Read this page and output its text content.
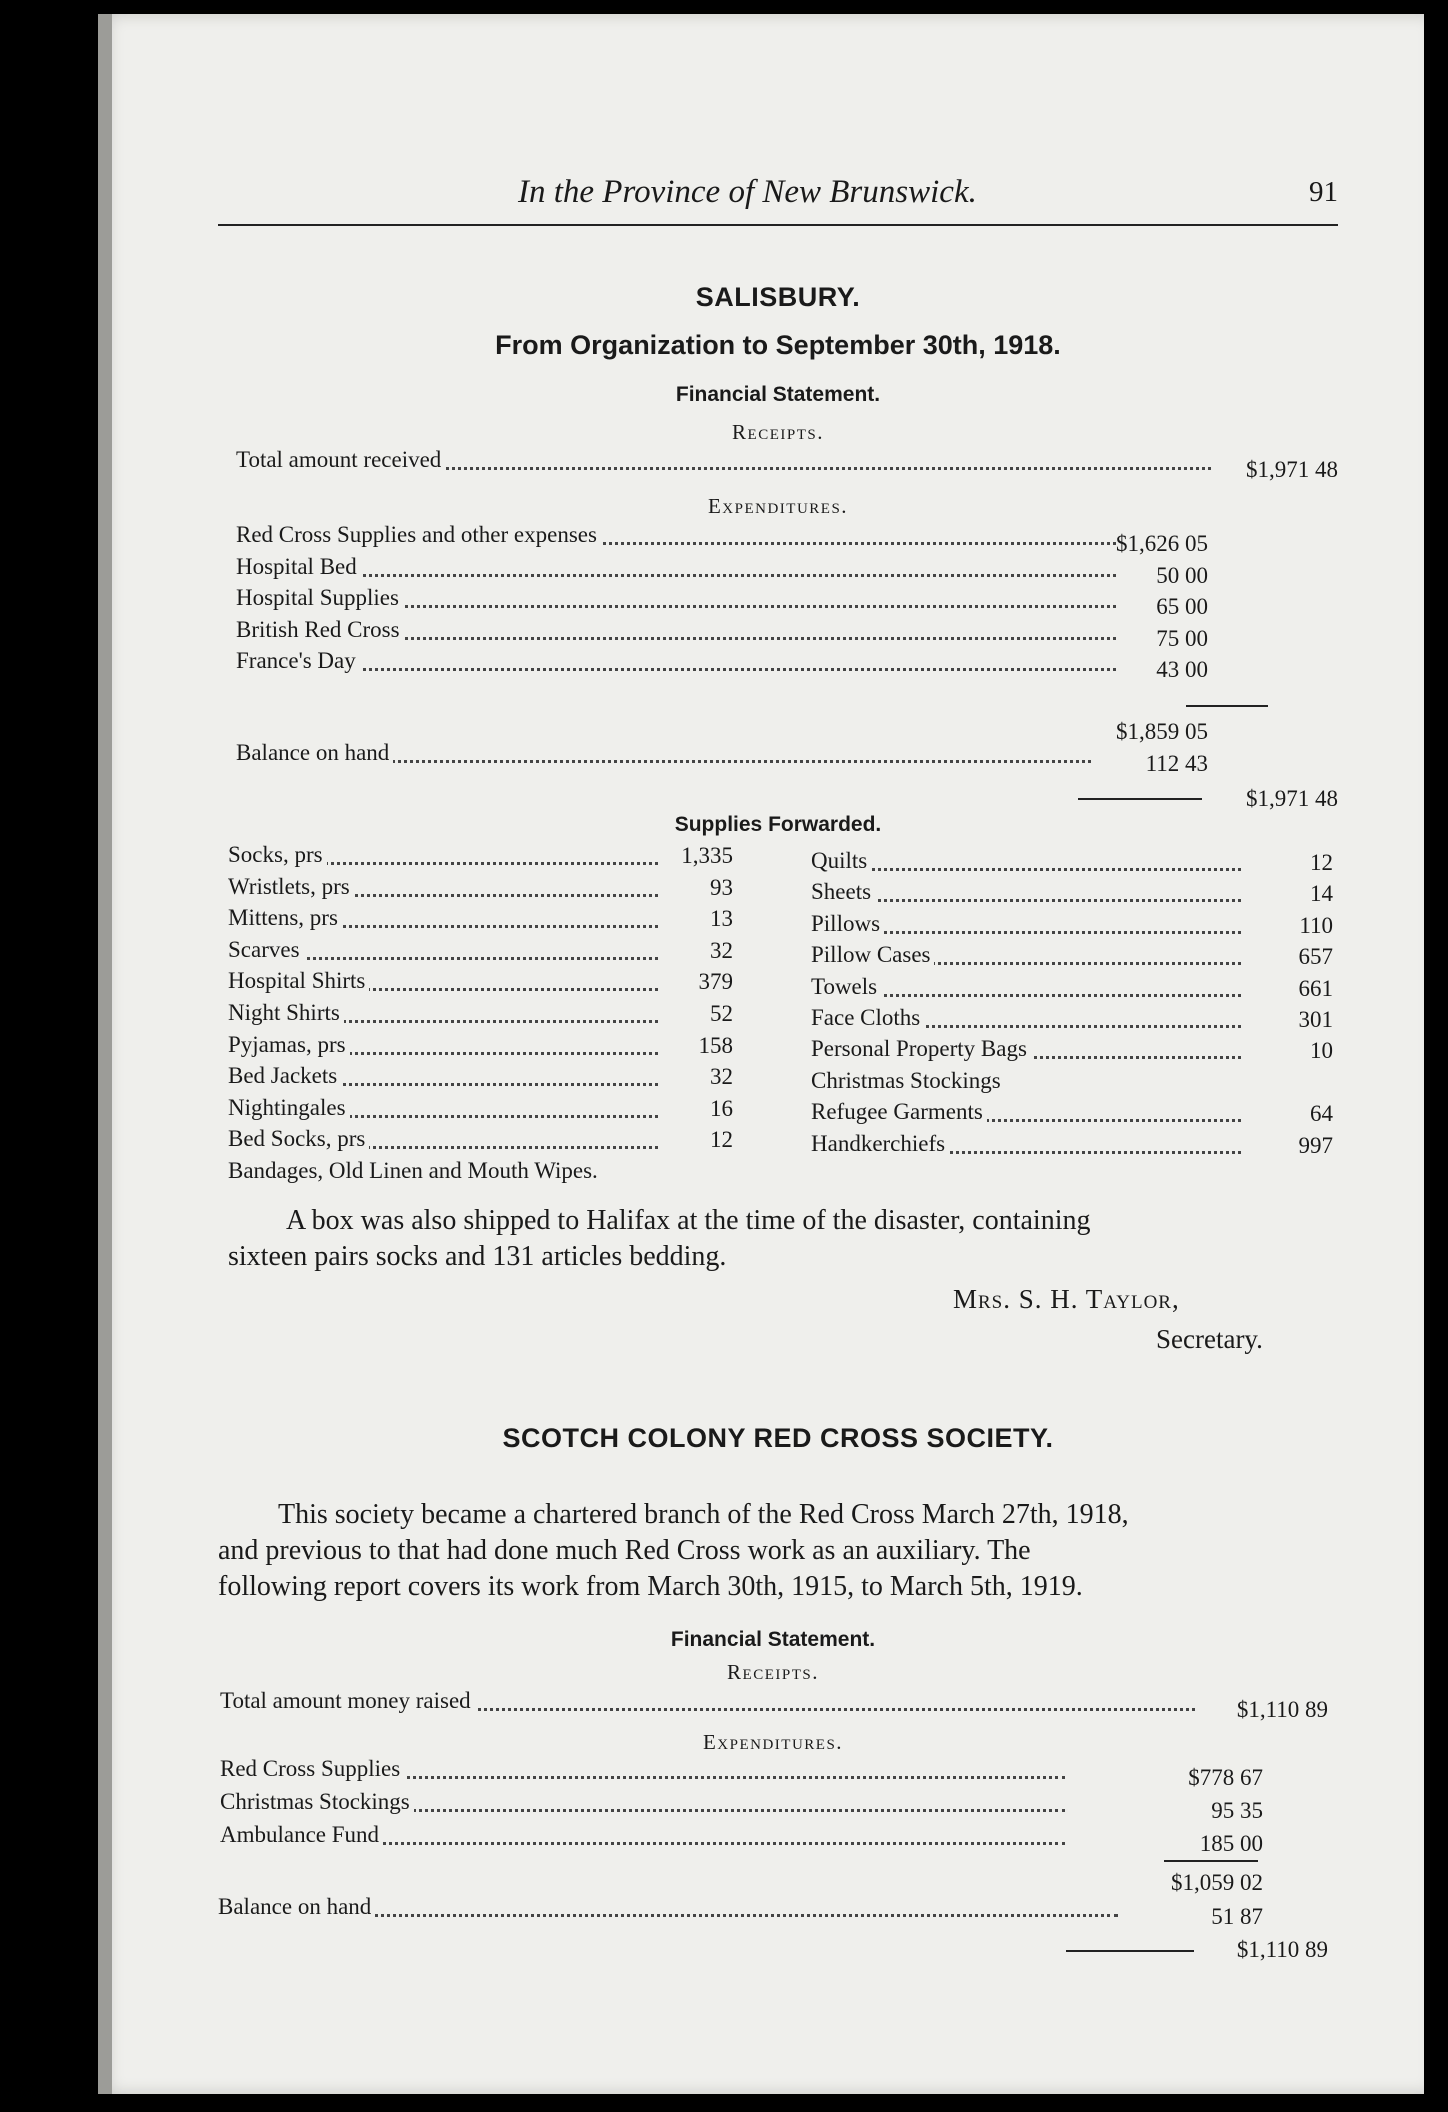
In the Province of New Brunswick.	91
SALISBURY.
From Organization to September 30th, 1918.
Financial Statement.
Receipts.
Total amount received	$1,971 48
Expenditures.
Red Cross Supplies and other expenses	$1,626 05
Hospital Bed	50 00
Hospital Supplies	65 00
British Red Cross	75 00
France's Day	43 00
$1,859 05
Balance on hand	112 43
$1,971 48
Supplies Forwarded.
Socks, prs	1,335
Wristlets, prs	93
Mittens, prs	13
Scarves	32
Hospital Shirts	379
Night Shirts	52
Pyjamas, prs	158
Bed Jackets	32
Nightingales	16
Bed Socks, prs	12
Quilts	12
Sheets	14
Pillows	110
Pillow Cases	657
Towels	661
Face Cloths	301
Personal Property Bags	10
Christmas Stockings
Refugee Garments	64
Handkerchiefs	997
Bandages, Old Linen and Mouth Wipes.
A box was also shipped to Halifax at the time of the disaster, containing
sixteen pairs socks and 131 articles bedding.
Mrs. S. H. Taylor,
Secretary.
SCOTCH COLONY RED CROSS SOCIETY.
This society became a chartered branch of the Red Cross March 27th, 1918,
and previous to that had done much Red Cross work as an auxiliary. The
following report covers its work from March 30th, 1915, to March 5th, 1919.
Financial Statement.
Receipts.
Total amount money raised	$1,110 89
Expenditures.
Red Cross Supplies	$778 67
Christmas Stockings	95 35
Ambulance Fund	185 00
$1,059 02
Balance on hand	51 87
$1,110 89
